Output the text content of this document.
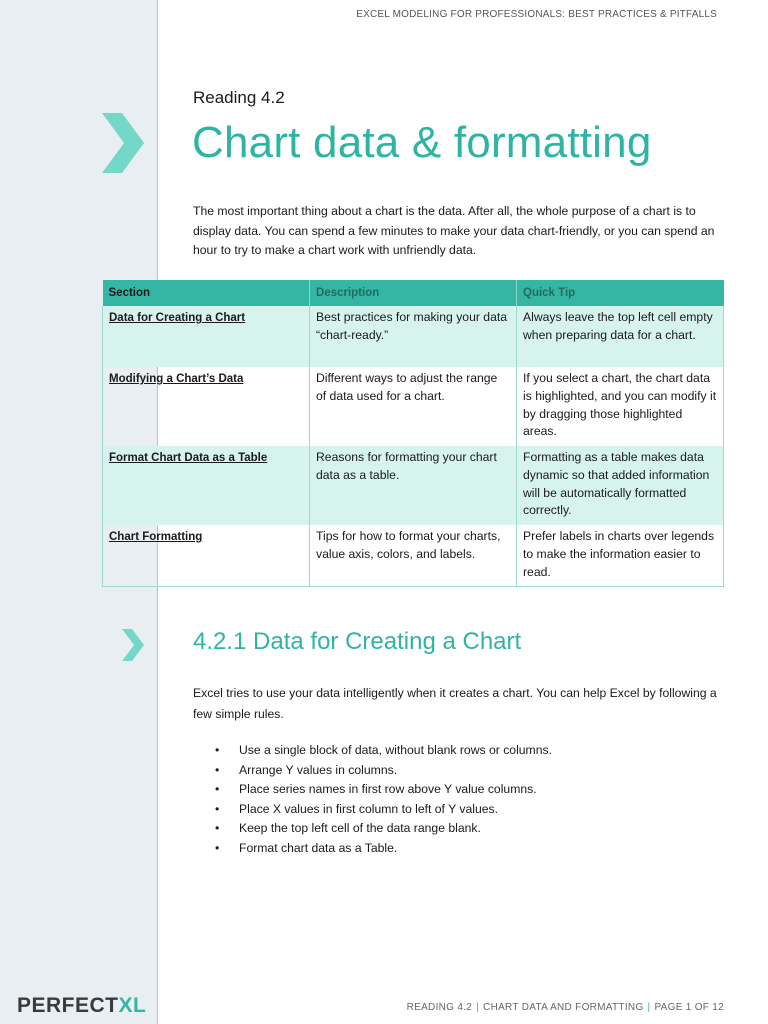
EXCEL MODELING FOR PROFESSIONALS: BEST PRACTICES & PITFALLS
Reading 4.2
Chart data & formatting
The most important thing about a chart is the data. After all, the whole purpose of a chart is to display data. You can spend a few minutes to make your data chart-friendly, or you can spend an hour to try to make a chart work with unfriendly data.
Section	Description	Quick Tip
Data for Creating a Chart	Best practices for making your data “chart-ready.”	Always leave the top left cell empty when preparing data for a chart.
Modifying a Chart’s Data	Different ways to adjust the range of data used for a chart.	If you select a chart, the chart data is highlighted, and you can modify it by dragging those highlighted areas.
Format Chart Data as a Table	Reasons for formatting your chart data as a table.	Formatting as a table makes data dynamic so that added information will be automatically formatted correctly.
Chart Formatting	Tips for how to format your charts, value axis, colors, and labels.	Prefer labels in charts over legends to make the information easier to read.
4.2.1 Data for Creating a Chart
Excel tries to use your data intelligently when it creates a chart. You can help Excel by following a few simple rules.
• Use a single block of data, without blank rows or columns.
• Arrange Y values in columns.
• Place series names in first row above Y value columns.
• Place X values in first column to left of Y values.
• Keep the top left cell of the data range blank.
• Format chart data as a Table.
PERFECTXL	READING 4.2 | CHART DATA AND FORMATTING | PAGE 1 OF 12
